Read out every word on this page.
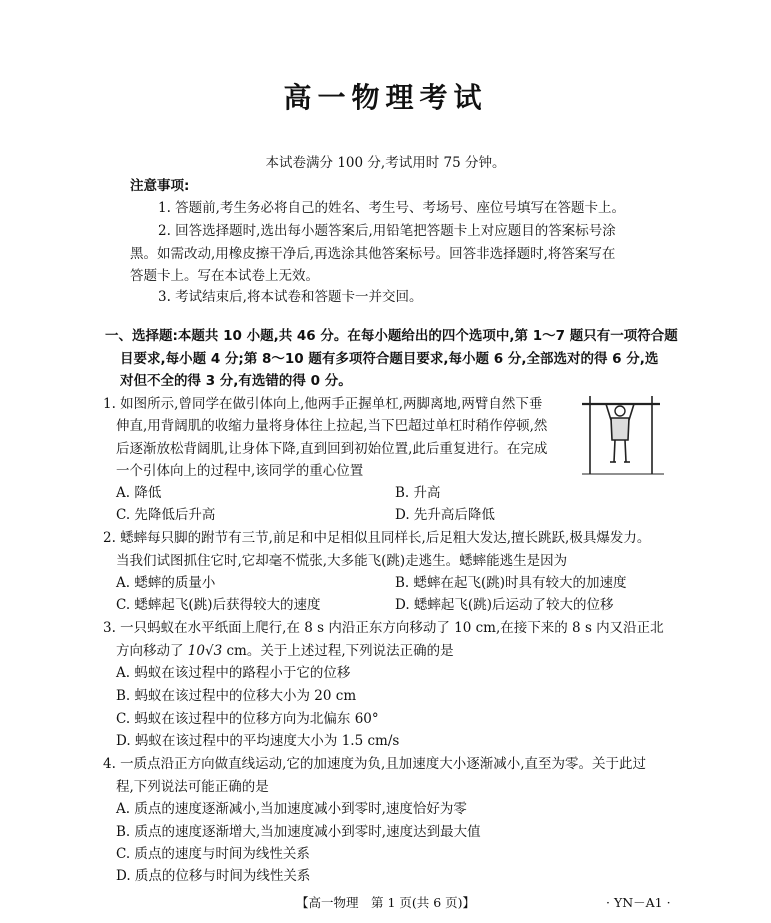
高一物理考试
本试卷满分 100 分,考试用时 75 分钟。
注意事项:
1. 答题前,考生务必将自己的姓名、考生号、考场号、座位号填写在答题卡上。
2. 回答选择题时,选出每小题答案后,用铅笔把答题卡上对应题目的答案标号涂
黑。如需改动,用橡皮擦干净后,再选涂其他答案标号。回答非选择题时,将答案写在
答题卡上。写在本试卷上无效。
3. 考试结束后,将本试卷和答题卡一并交回。
一、选择题:本题共 10 小题,共 46 分。在每小题给出的四个选项中,第 1～7 题只有一项符合题
目要求,每小题 4 分;第 8～10 题有多项符合题目要求,每小题 6 分,全部选对的得 6 分,选
对但不全的得 3 分,有选错的得 0 分。
1. 如图所示,曾同学在做引体向上,他两手正握单杠,两脚离地,两臂自然下垂
伸直,用背阔肌的收缩力量将身体往上拉起,当下巴超过单杠时稍作停顿,然
后逐渐放松背阔肌,让身体下降,直到回到初始位置,此后重复进行。在完成
一个引体向上的过程中,该同学的重心位置
A. 降低	B. 升高
C. 先降低后升高	D. 先升高后降低
2. 蟋蟀每只脚的跗节有三节,前足和中足相似且同样长,后足粗大发达,擅长跳跃,极具爆发力。
当我们试图抓住它时,它却毫不慌张,大多能飞(跳)走逃生。蟋蟀能逃生是因为
A. 蟋蟀的质量小	B. 蟋蟀在起飞(跳)时具有较大的加速度
C. 蟋蟀起飞(跳)后获得较大的速度	D. 蟋蟀起飞(跳)后运动了较大的位移
3. 一只蚂蚁在水平纸面上爬行,在 8 s 内沿正东方向移动了 10 cm,在接下来的 8 s 内又沿正北
方向移动了 10√3 cm。关于上述过程,下列说法正确的是
A. 蚂蚁在该过程中的路程小于它的位移
B. 蚂蚁在该过程中的位移大小为 20 cm
C. 蚂蚁在该过程中的位移方向为北偏东 60°
D. 蚂蚁在该过程中的平均速度大小为 1.5 cm/s
4. 一质点沿正方向做直线运动,它的加速度为负,且加速度大小逐渐减小,直至为零。关于此过
程,下列说法可能正确的是
A. 质点的速度逐渐减小,当加速度减小到零时,速度恰好为零
B. 质点的速度逐渐增大,当加速度减小到零时,速度达到最大值
C. 质点的速度与时间为线性关系
D. 质点的位移与时间为线性关系
【高一物理　第 1 页(共 6 页)】	· YN－A1 ·
